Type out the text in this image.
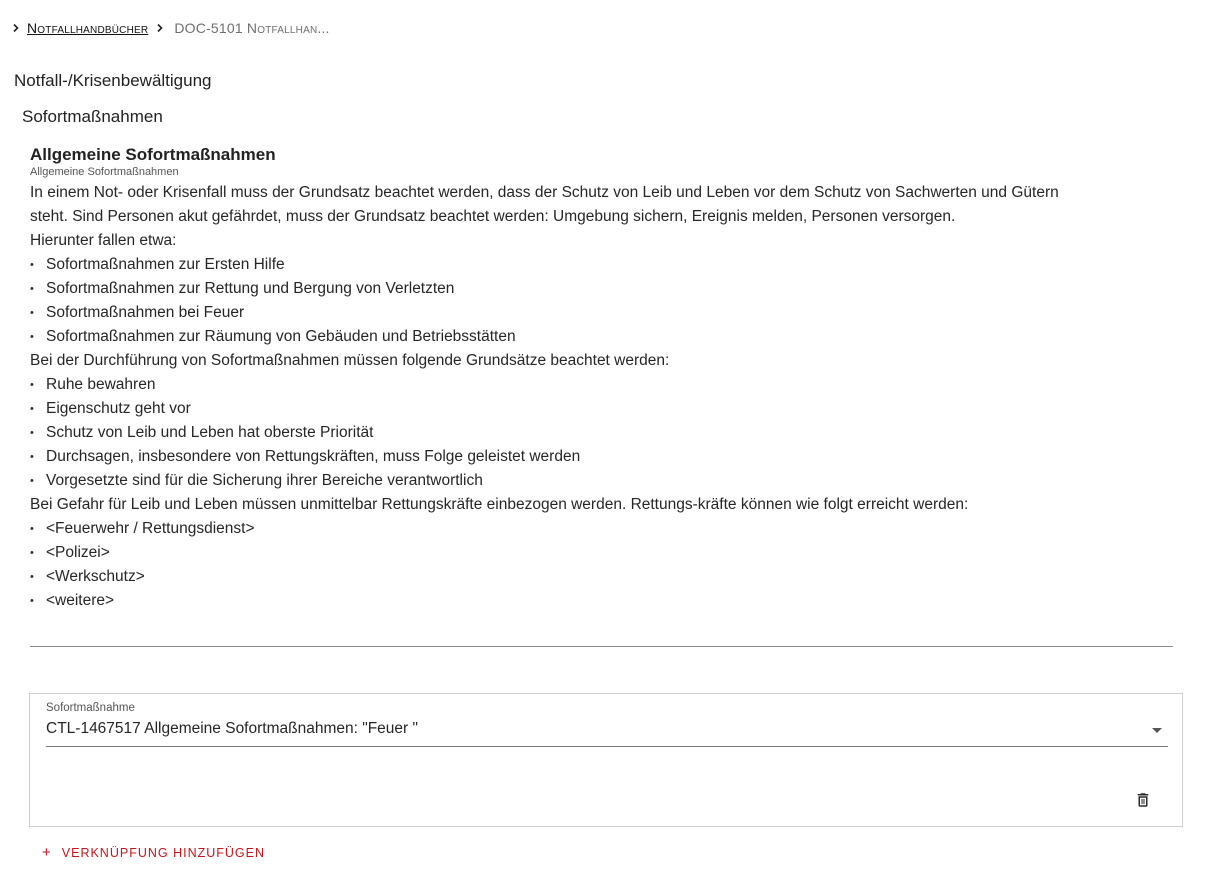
Notfallhandbücher DOC-5101 Notfallhan...
Notfall-/Krisenbewältigung
Sofortmaßnahmen
Allgemeine Sofortmaßnahmen
Allgemeine Sofortmaßnahmen

In einem Not- oder Krisenfall muss der Grundsatz beachtet werden, dass der Schutz von Leib und Leben vor dem Schutz von Sachwerten und Gütern

steht. Sind Personen akut gefährdet, muss der Grundsatz beachtet werden: Umgebung sichern, Ereignis melden, Personen versorgen.

Hierunter fallen etwa:

• Sofortmaßnahmen zur Ersten Hilfe
• Sofortmaßnahmen zur Rettung und Bergung von Verletzten
• Sofortmaßnahmen bei Feuer
• Sofortmaßnahmen zur Räumung von Gebäuden und Betriebsstätten

Bei der Durchführung von Sofortmaßnahmen müssen folgende Grundsätze beachtet werden:

• Ruhe bewahren
• Eigenschutz geht vor
• Schutz von Leib und Leben hat oberste Priorität
• Durchsagen, insbesondere von Rettungskräften, muss Folge geleistet werden
• Vorgesetzte sind für die Sicherung ihrer Bereiche verantwortlich

Bei Gefahr für Leib und Leben müssen unmittelbar Rettungskräfte einbezogen werden. Rettungs-kräfte können wie folgt erreicht werden:

• <Feuerwehr / Rettungsdienst>
• <Polizei>
• <Werkschutz>
• <weitere>
Sofortmaßnahme
CTL-1467517 Allgemeine Sofortmaßnahmen: "Feuer "
+ VERKNÜPFUNG HINZUFÜGEN
